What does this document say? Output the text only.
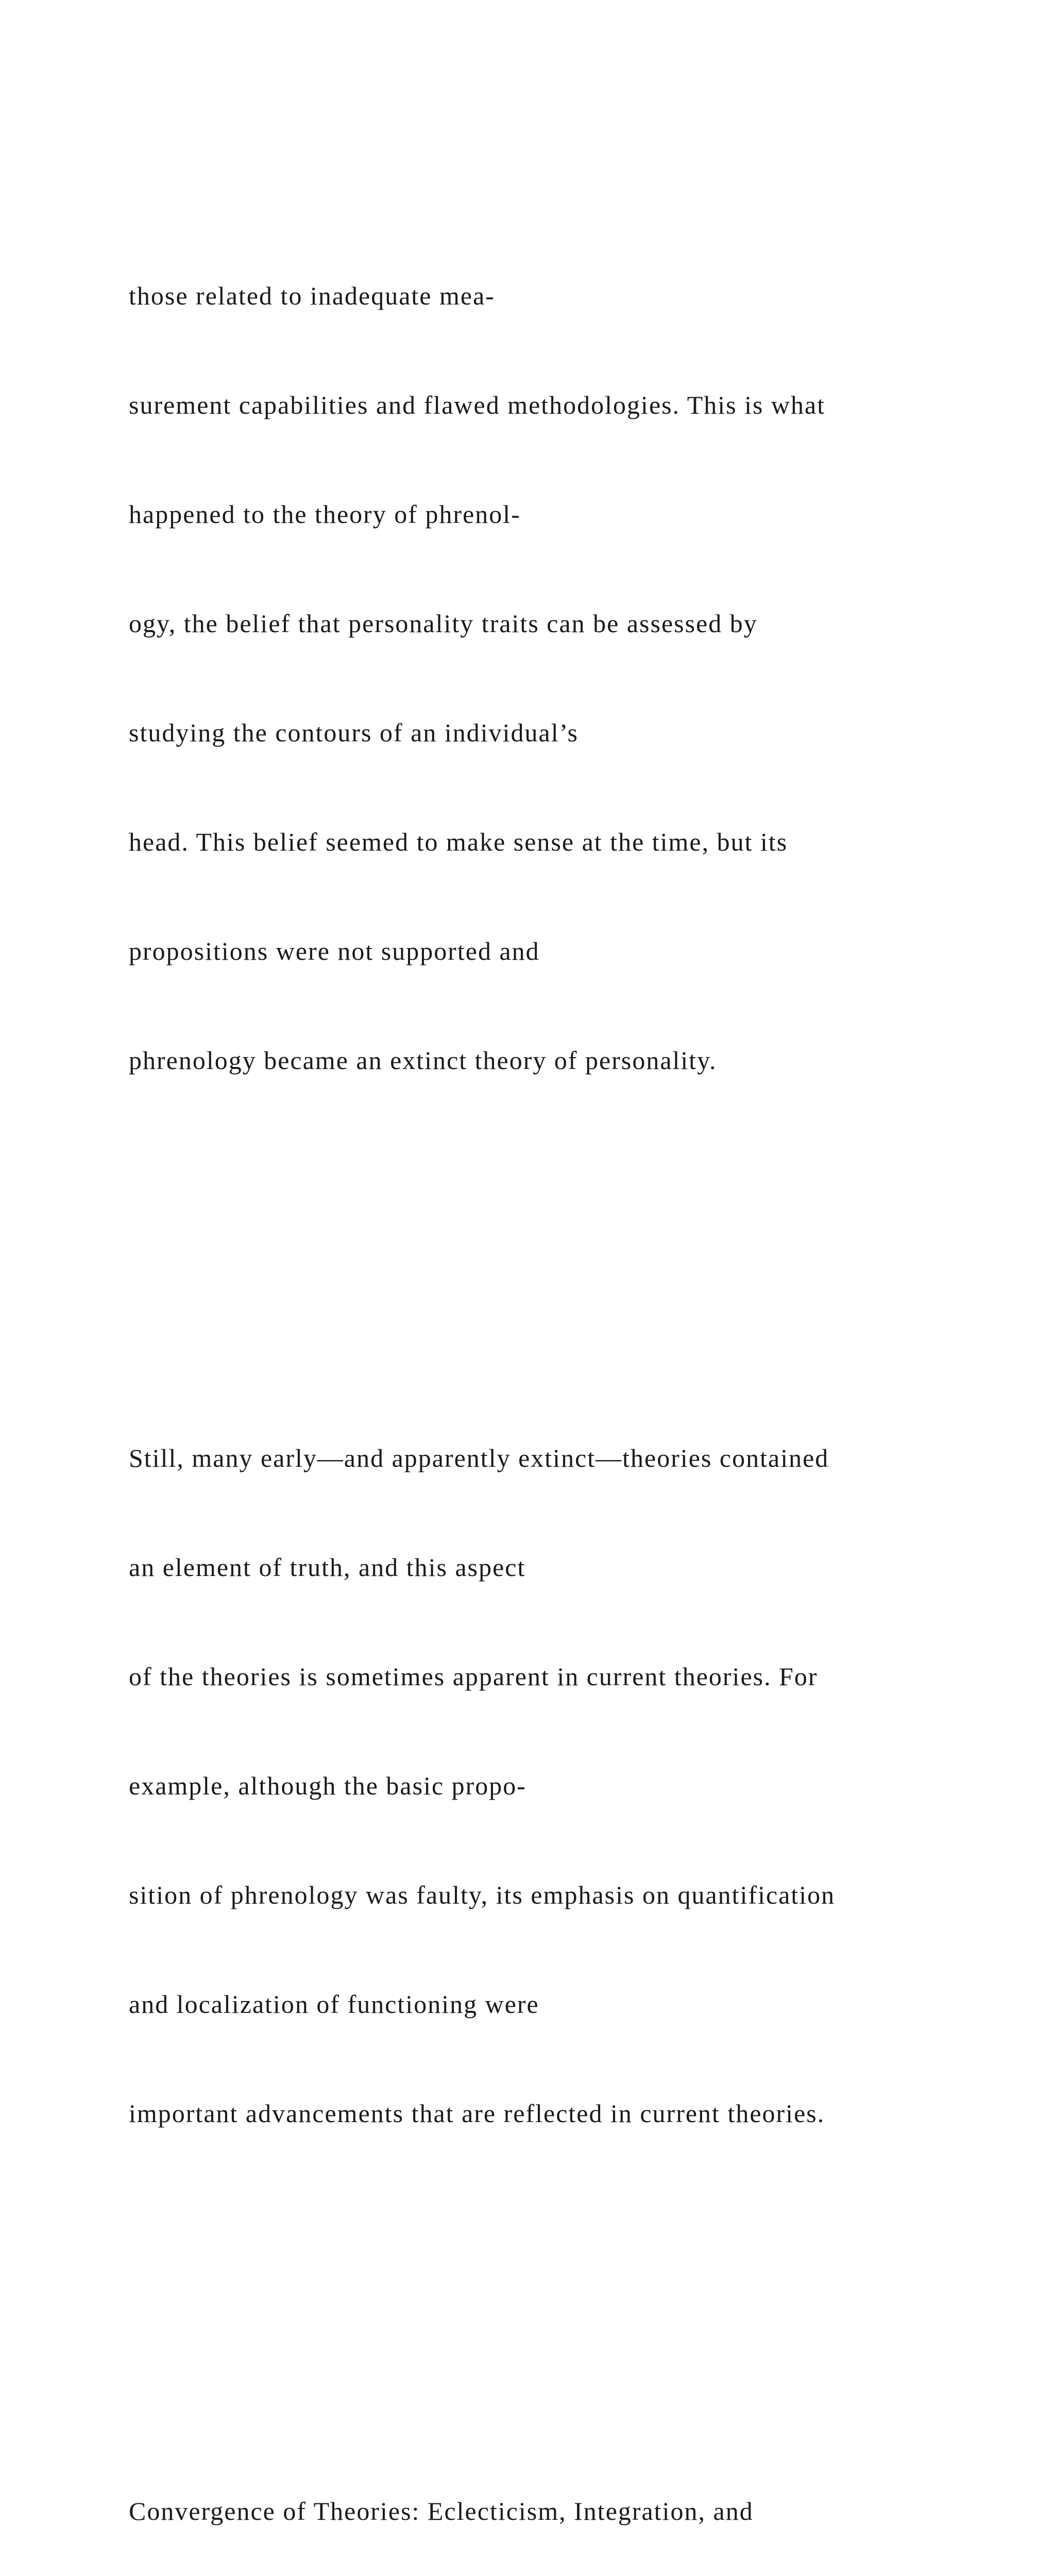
those related to inadequate mea-

surement capabilities and flawed methodologies. This is what

happened to the theory of phrenol-

ogy, the belief that personality traits can be assessed by

studying the contours of an individual’s

head. This belief seemed to make sense at the time, but its

propositions were not supported and

phrenology became an extinct theory of personality.

Still, many early—and apparently extinct—theories contained

an element of truth, and this aspect

of the theories is sometimes apparent in current theories. For

example, although the basic propo-

sition of phrenology was faulty, its emphasis on quantification

and localization of functioning were

important advancements that are reflected in current theories.

Convergence of Theories: Eclecticism, Integration, and
